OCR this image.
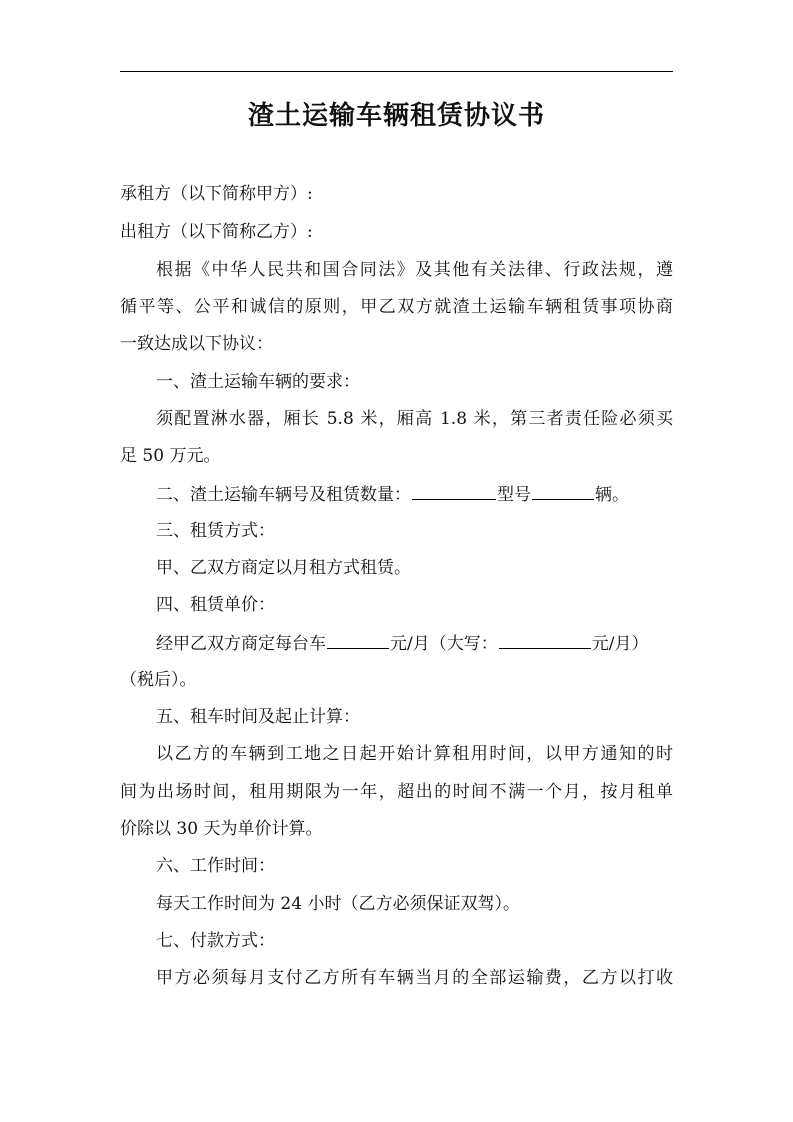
渣土运输车辆租赁协议书
承租方（以下简称甲方）:
出租方（以下简称乙方）:
根据《中华人民共和国合同法》及其他有关法律、行政法规，遵
循平等、公平和诚信的原则，甲乙双方就渣土运输车辆租赁事项协商
一致达成以下协议：
一、渣土运输车辆的要求：
须配置淋水器，厢长 5.8 米，厢高 1.8 米，第三者责任险必须买
足 50 万元。
二、渣土运输车辆号及租赁数量：	型号	辆。
三、租赁方式：
甲、乙双方商定以月租方式租赁。
四、租赁单价：
经甲乙双方商定每台车	元/月（大写：	元/月）
（税后）。
五、租车时间及起止计算：
以乙方的车辆到工地之日起开始计算租用时间，以甲方通知的时
间为出场时间，租用期限为一年，超出的时间不满一个月，按月租单
价除以 30 天为单价计算。
六、工作时间：
每天工作时间为 24 小时（乙方必须保证双驾）。
七、付款方式：
甲方必须每月支付乙方所有车辆当月的全部运输费，乙方以打收
